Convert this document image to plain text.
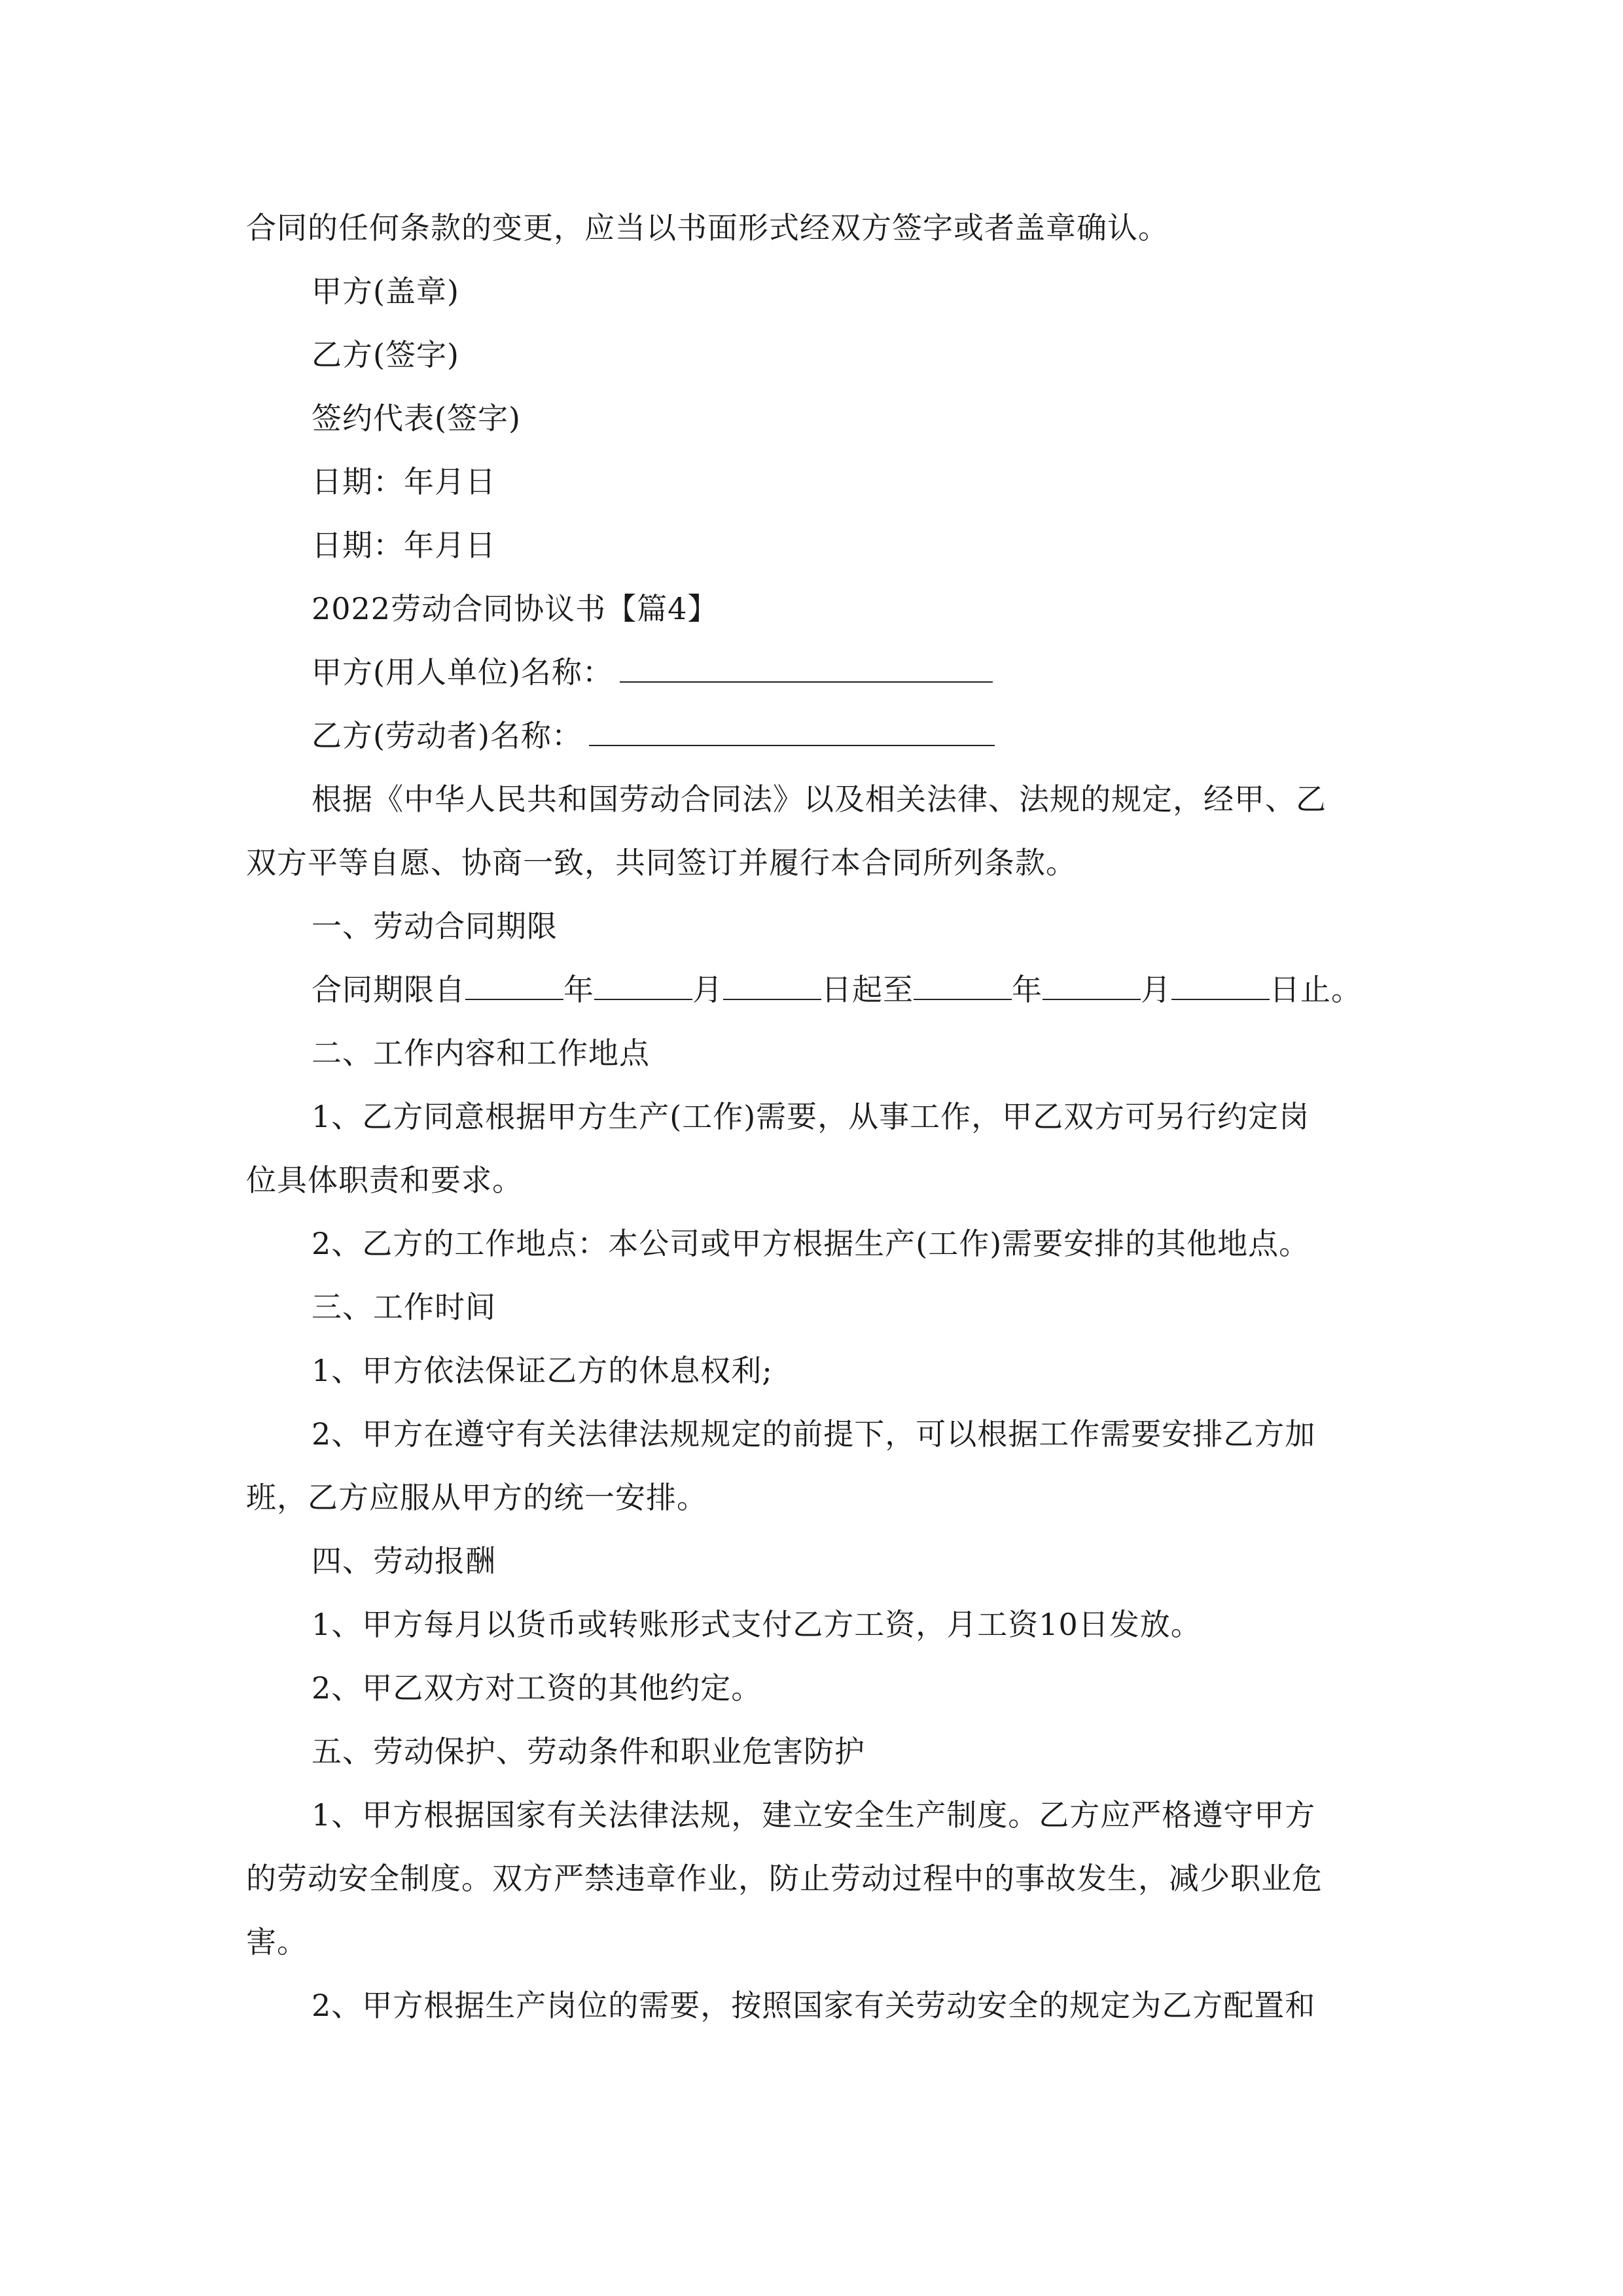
合同的任何条款的变更，应当以书面形式经双方签字或者盖章确认。
甲方(盖章)
乙方(签字)
签约代表(签字)
日期：年月日
日期：年月日
2022劳动合同协议书【篇4】
甲方(用人单位)名称：
乙方(劳动者)名称：
根据《中华人民共和国劳动合同法》以及相关法律、法规的规定，经甲、乙
双方平等自愿、协商一致，共同签订并履行本合同所列条款。
一、劳动合同期限
合同期限自	年	月	日起至	年	月	日止。
二、工作内容和工作地点
1、乙方同意根据甲方生产(工作)需要，从事工作，甲乙双方可另行约定岗
位具体职责和要求。
2、乙方的工作地点：本公司或甲方根据生产(工作)需要安排的其他地点。
三、工作时间
1、甲方依法保证乙方的休息权利;
2、甲方在遵守有关法律法规规定的前提下，可以根据工作需要安排乙方加
班，乙方应服从甲方的统一安排。
四、劳动报酬
1、甲方每月以货币或转账形式支付乙方工资，月工资10日发放。
2、甲乙双方对工资的其他约定。
五、劳动保护、劳动条件和职业危害防护
1、甲方根据国家有关法律法规，建立安全生产制度。乙方应严格遵守甲方
的劳动安全制度。双方严禁违章作业，防止劳动过程中的事故发生，减少职业危
害。
2、甲方根据生产岗位的需要，按照国家有关劳动安全的规定为乙方配置和
